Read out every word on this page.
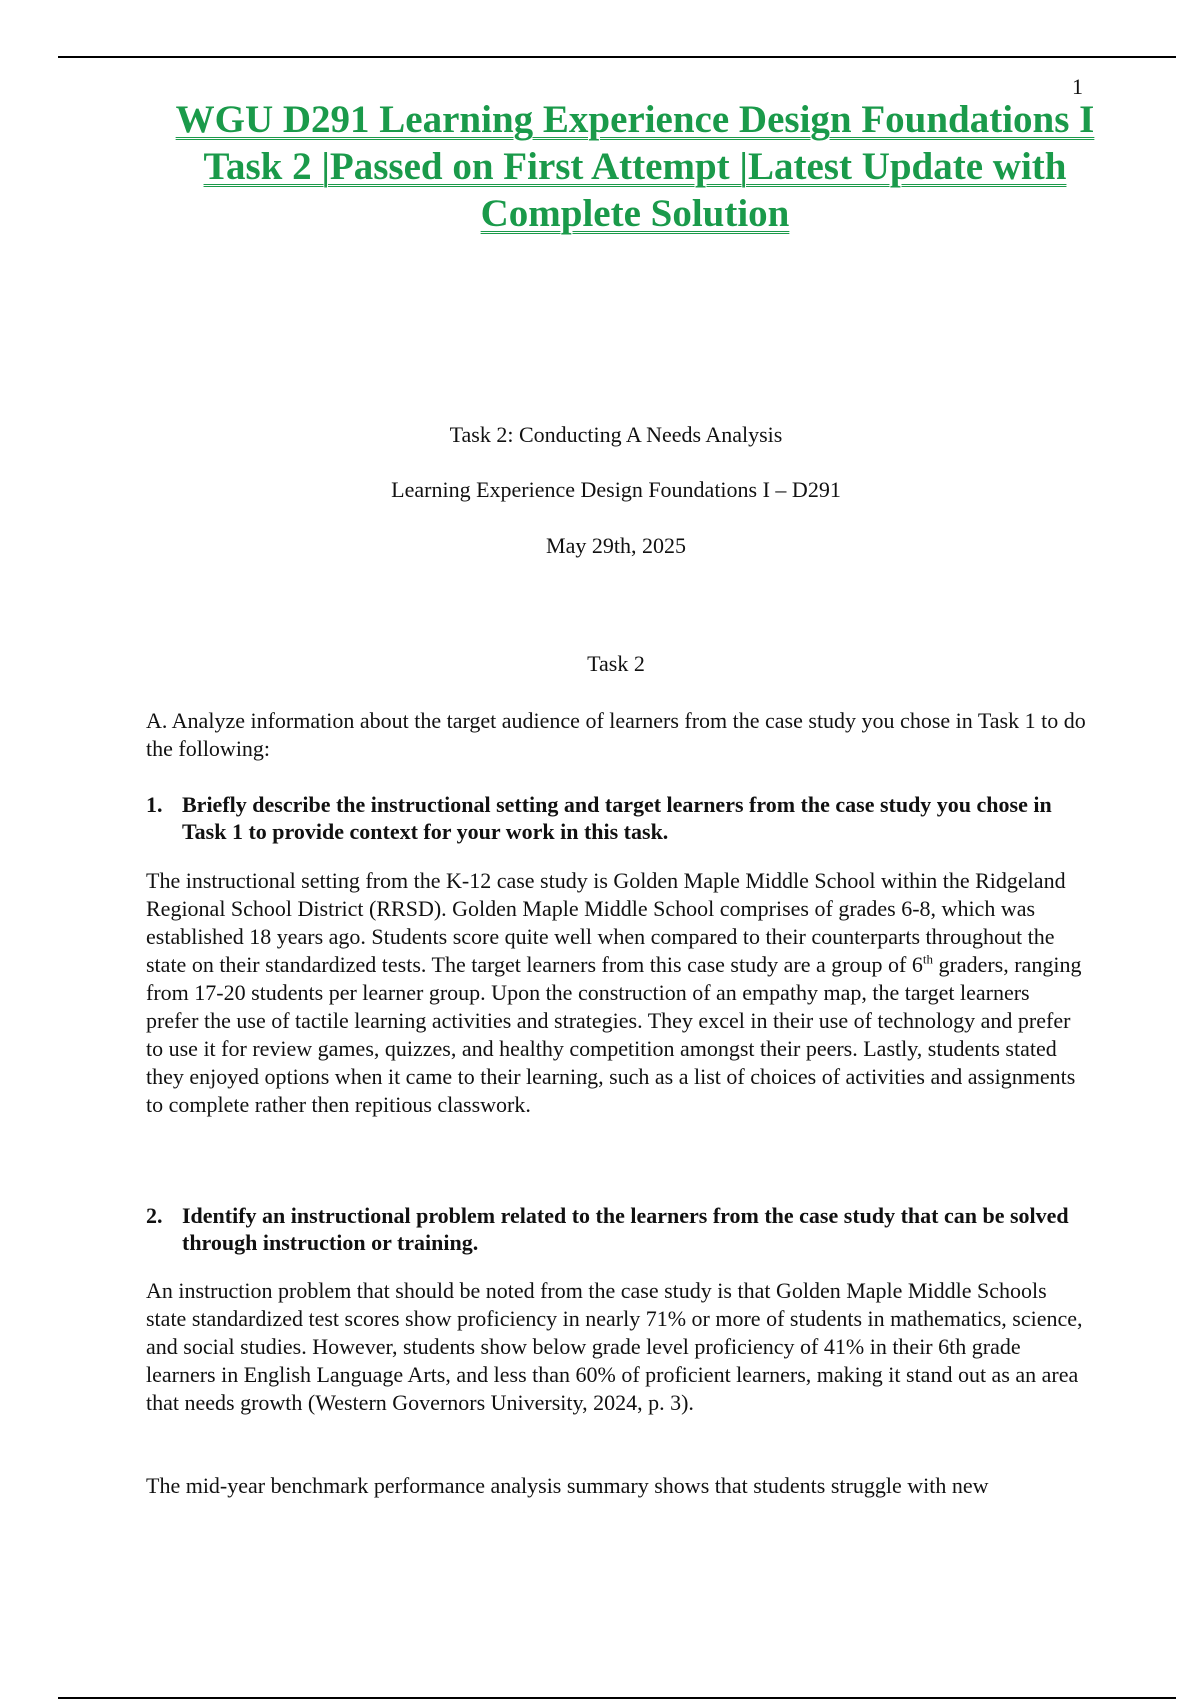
1
WGU D291 Learning Experience Design Foundations I
Task 2 |Passed on First Attempt |Latest Update with
Complete Solution

Task 2: Conducting A Needs Analysis

Learning Experience Design Foundations I – D291

May 29th, 2025

Task 2

A. Analyze information about the target audience of learners from the case study you chose in Task 1 to do the following:

1. Briefly describe the instructional setting and target learners from the case study you chose in Task 1 to provide context for your work in this task.

The instructional setting from the K-12 case study is Golden Maple Middle School within the Ridgeland Regional School District (RRSD). Golden Maple Middle School comprises of grades 6-8, which was established 18 years ago. Students score quite well when compared to their counterparts throughout the state on their standardized tests. The target learners from this case study are a group of 6th graders, ranging from 17-20 students per learner group. Upon the construction of an empathy map, the target learners prefer the use of tactile learning activities and strategies. They excel in their use of technology and prefer to use it for review games, quizzes, and healthy competition amongst their peers. Lastly, students stated they enjoyed options when it came to their learning, such as a list of choices of activities and assignments to complete rather then repitious classwork.

2. Identify an instructional problem related to the learners from the case study that can be solved through instruction or training.

An instruction problem that should be noted from the case study is that Golden Maple Middle Schools state standardized test scores show proficiency in nearly 71% or more of students in mathematics, science, and social studies. However, students show below grade level proficiency of 41% in their 6th grade learners in English Language Arts, and less than 60% of proficient learners, making it stand out as an area that needs growth (Western Governors University, 2024, p. 3).

The mid-year benchmark performance analysis summary shows that students struggle with new
